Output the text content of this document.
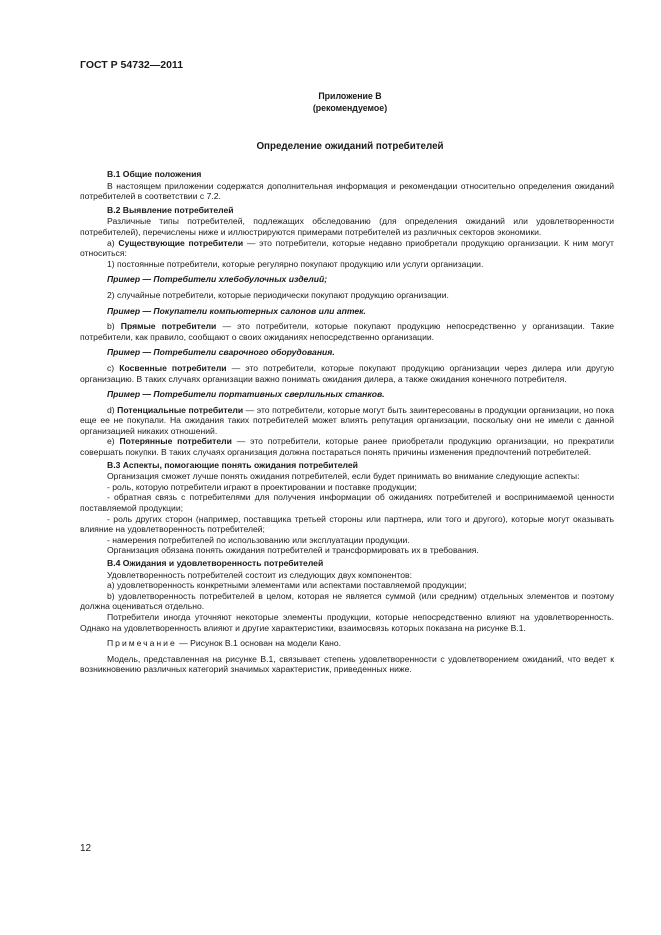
ГОСТ Р 54732—2011
Приложение В
(рекомендуемое)
Определение ожиданий потребителей

В.1 Общие положения

В настоящем приложении содержатся дополнительная информация и рекомендации относительно определения ожиданий потребителей в соответствии с 7.2.

В.2 Выявление потребителей

Различные типы потребителей, подлежащих обследованию (для определения ожиданий или удовлетворенности потребителей), перечислены ниже и иллюстрируются примерами потребителей из различных секторов экономики.

а) Существующие потребители — это потребители, которые недавно приобретали продукцию организации. К ним могут относиться:

1) постоянные потребители, которые регулярно покупают продукцию или услуги организации.

Пример — Потребители хлебобулочных изделий;

2) случайные потребители, которые периодически покупают продукцию организации.

Пример — Покупатели компьютерных салонов или аптек.

b) Прямые потребители — это потребители, которые покупают продукцию непосредственно у организации. Такие потребители, как правило, сообщают о своих ожиданиях непосредственно организации.

Пример — Потребители сварочного оборудования.

с) Косвенные потребители — это потребители, которые покупают продукцию организации через дилера или другую организацию. В таких случаях организации важно понимать ожидания дилера, а также ожидания конечного потребителя.

Пример — Потребители портативных сверлильных станков.

d) Потенциальные потребители — это потребители, которые могут быть заинтересованы в продукции организации, но пока еще ее не покупали. На ожидания таких потребителей может влиять репутация организации, поскольку они не имели с данной организацией никаких отношений.

е) Потерянные потребители — это потребители, которые ранее приобретали продукцию организации, но прекратили совершать покупки. В таких случаях организация должна постараться понять причины изменения предпочтений потребителей.

В.3 Аспекты, помогающие понять ожидания потребителей

Организация сможет лучше понять ожидания потребителей, если будет принимать во внимание следующие аспекты:

- роль, которую потребители играют в проектировании и поставке продукции;

- обратная связь с потребителями для получения информации об ожиданиях потребителей и воспринимаемой ценности поставляемой продукции;

- роль других сторон (например, поставщика третьей стороны или партнера, или того и другого), которые могут оказывать влияние на удовлетворенность потребителей;

- намерения потребителей по использованию или эксплуатации продукции.

Организация обязана понять ожидания потребителей и трансформировать их в требования.

В.4 Ожидания и удовлетворенность потребителей

Удовлетворенность потребителей состоит из следующих двух компонентов:

а) удовлетворенность конкретными элементами или аспектами поставляемой продукции;

b) удовлетворенность потребителей в целом, которая не является суммой (или средним) отдельных элементов и поэтому должна оцениваться отдельно.

Потребители иногда уточняют некоторые элементы продукции, которые непосредственно влияют на удовлетворенность. Однако на удовлетворенность влияют и другие характеристики, взаимосвязь которых показана на рисунке В.1.

Примечание — Рисунок В.1 основан на модели Кано.

Модель, представленная на рисунке В.1, связывает степень удовлетворенности с удовлетворением ожиданий, что ведет к возникновению различных категорий значимых характеристик, приведенных ниже.

12
